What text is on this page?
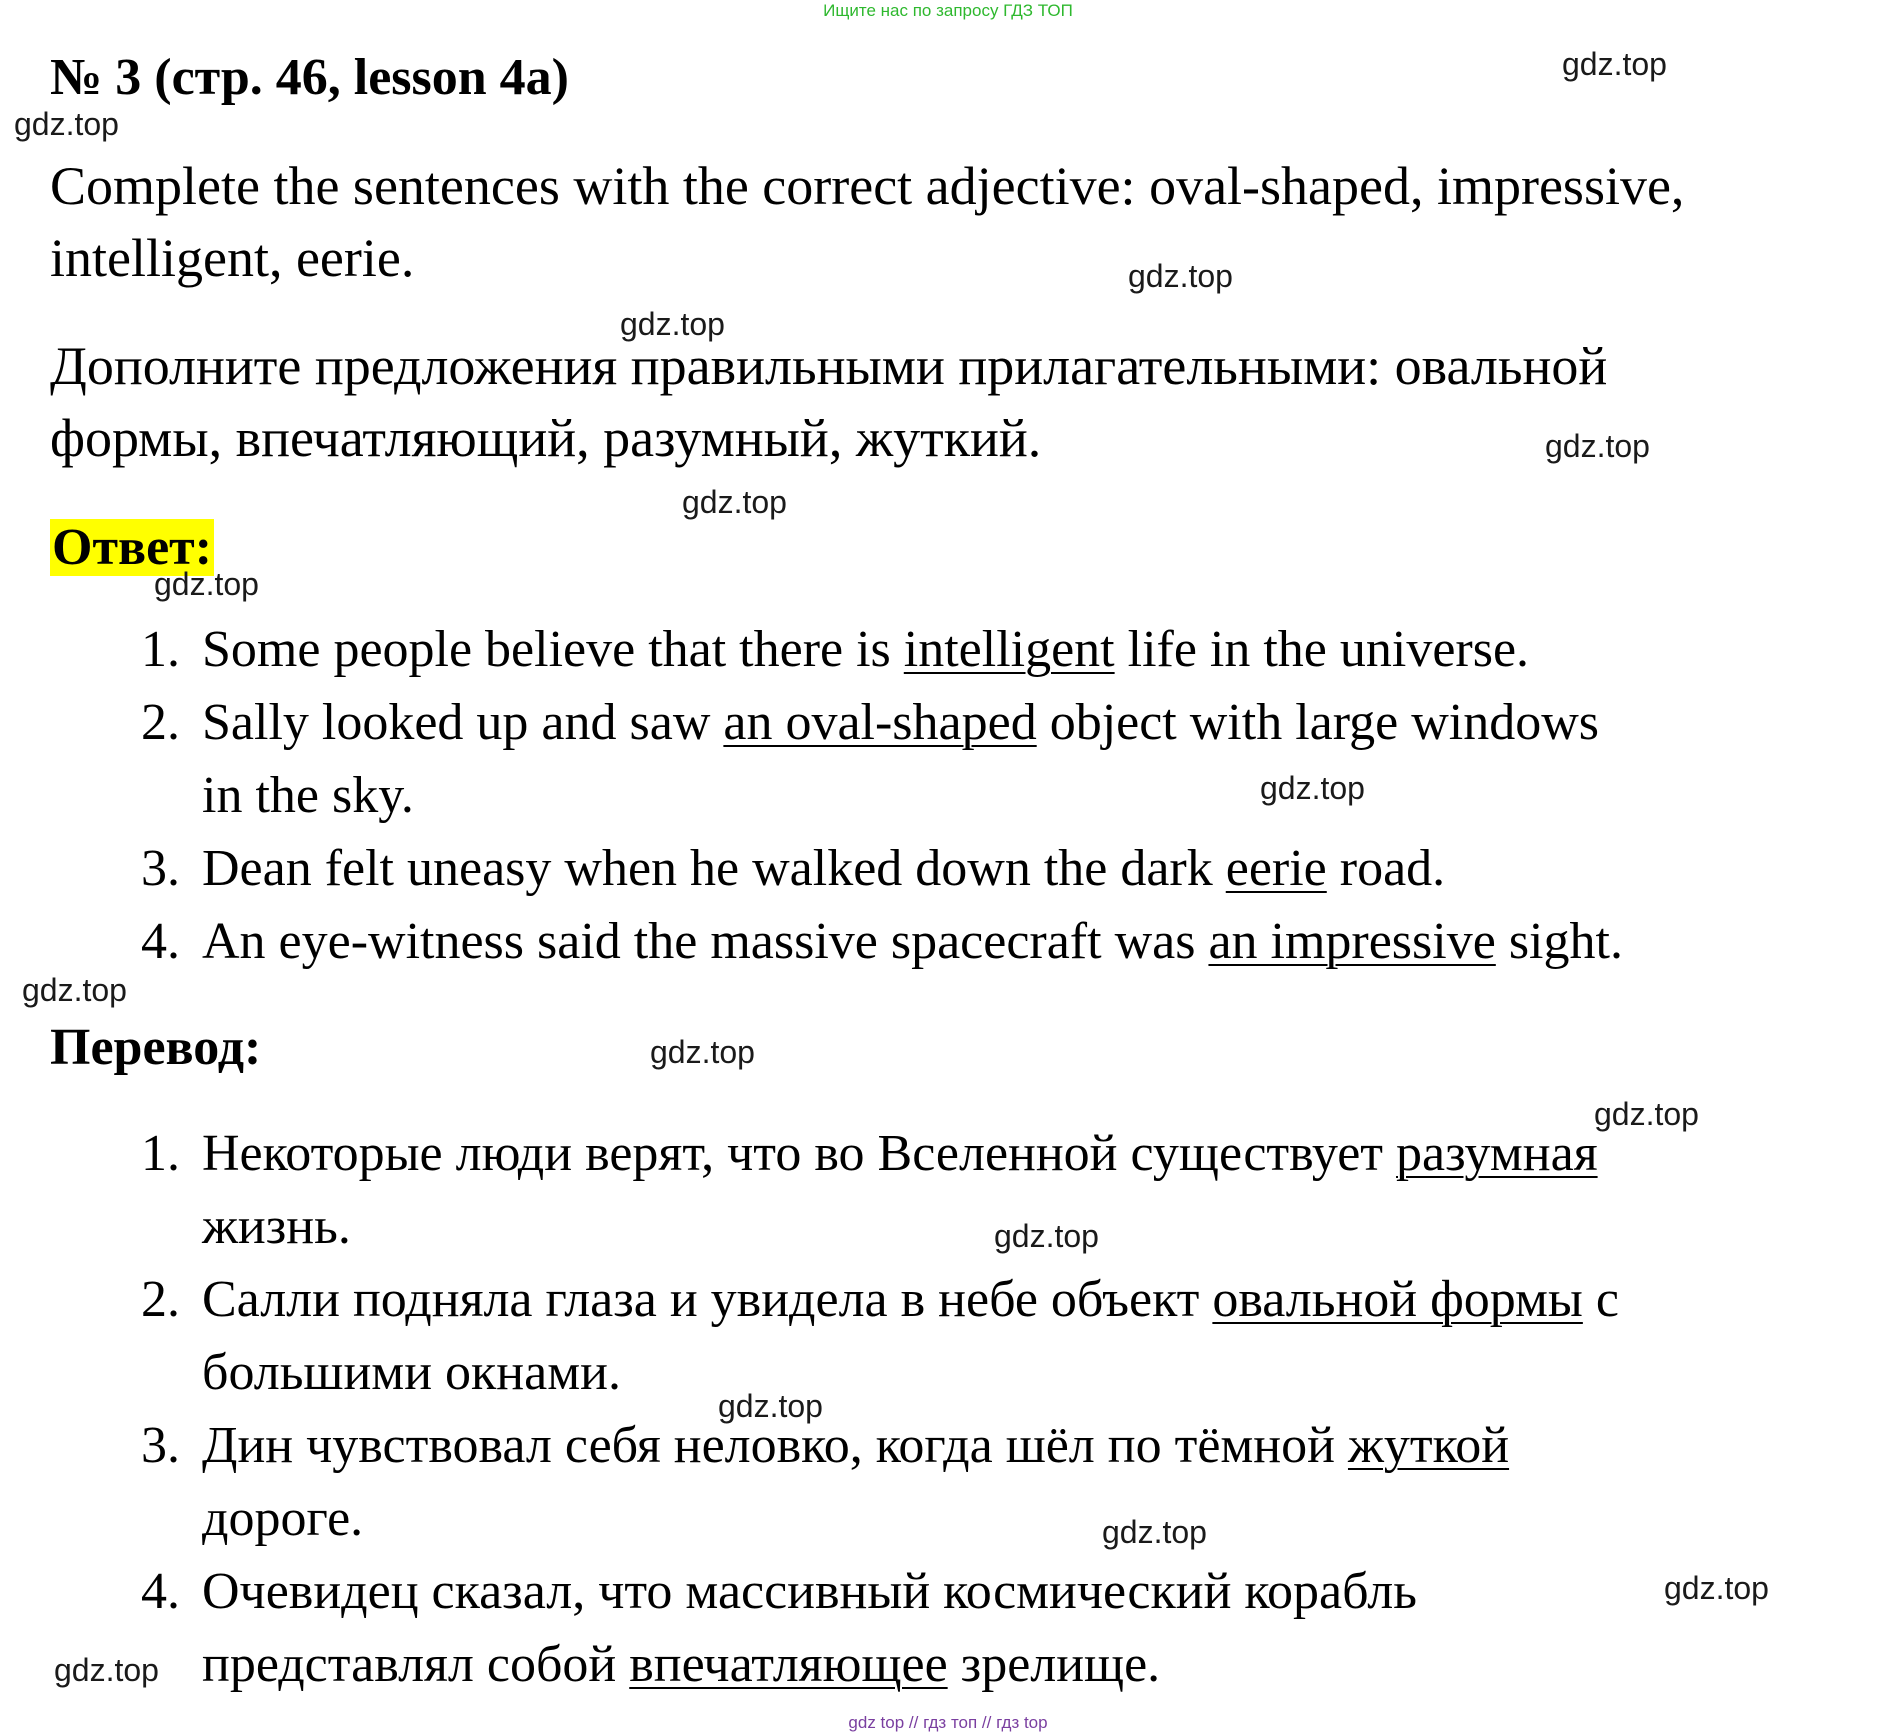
Ищите нас по запросу ГДЗ ТОП
№ 3 (стр. 46, lesson 4a)
Complete the sentences with the correct adjective: oval-shaped, impressive,
intelligent, eerie.
Дополните предложения правильными прилагательными: овальной
формы, впечатляющий, разумный, жуткий.
Ответ:
1. Some people believe that there is intelligent life in the universe.
2. Sally looked up and saw an oval-shaped object with large windows
in the sky.
3. Dean felt uneasy when he walked down the dark eerie road.
4. An eye-witness said the massive spacecraft was an impressive sight.
Перевод:
1. Некоторые люди верят, что во Вселенной существует разумная
жизнь.
2. Салли подняла глаза и увидела в небе объект овальной формы с
большими окнами.
3. Дин чувствовал себя неловко, когда шёл по тёмной жуткой
дороге.
4. Очевидец сказал, что массивный космический корабль
представлял собой впечатляющее зрелище.
gdz.top
gdz.top
gdz.top
gdz.top
gdz.top
gdz.top
gdz.top
gdz.top
gdz.top
gdz.top
gdz.top
gdz.top
gdz.top
gdz.top
gdz.top
gdz.top
gdz top // гдз топ // гдз top
